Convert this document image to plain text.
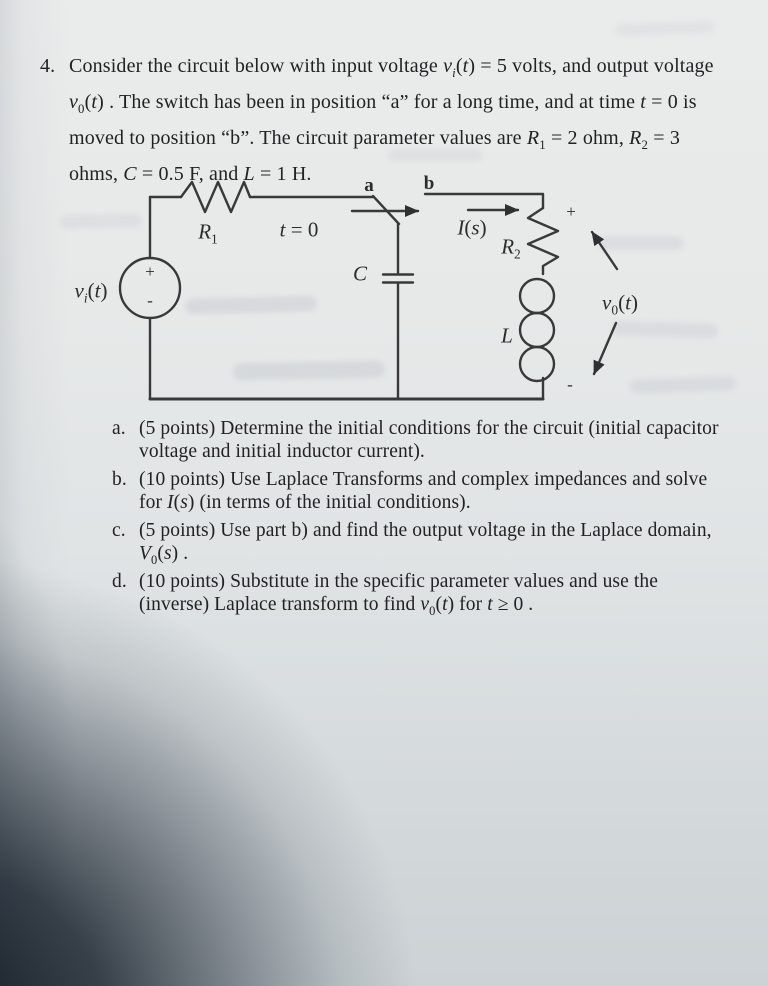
$v_i(t)$
+
-
$R_1$	t = 0
a	b
C
I(s)
$R_2$
L
+
-
$v_0(t)$
4. Consider the circuit below with input voltage $v_i(t) = 5$ volts, and output voltage
$v_0(t)$ . The switch has been in position “a” for a long time, and at time t = 0 is
moved to position “b”. The circuit parameter values are $R_1 = 2$ ohm, $R_2 = 3$
ohms, C = 0.5 F, and L = 1 H.
a. (5 points) Determine the initial conditions for the circuit (initial capacitor
voltage and initial inductor current).
b. (10 points) Use Laplace Transforms and complex impedances and solve
for I(s) (in terms of the initial conditions).
c. (5 points) Use part b) and find the output voltage in the Laplace domain,
$V_0(s)$ .
d. (10 points) Substitute in the specific parameter values and use the
(inverse) Laplace transform to find $v_0(t)$ for t ≥ 0 .
